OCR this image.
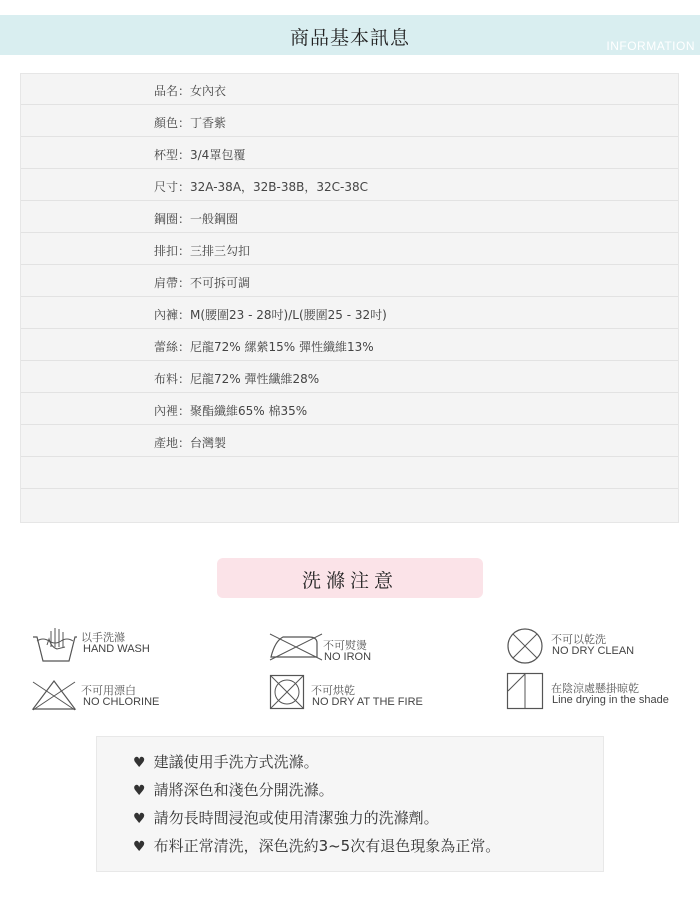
商品基本訊息	INFORMATION
品名：女內衣
顏色：丁香紫
杯型：3/4罩包覆
尺寸：32A-38A，32B-38B，32C-38C
鋼圈：一般鋼圈
排扣：三排三勾扣
肩帶：不可拆可調
內褲：M(腰圍23 - 28吋)/L(腰圍25 - 32吋)
蕾絲：尼龍72% 縲縈15% 彈性纖維13%
布料：尼龍72% 彈性纖維28%
內裡：聚酯纖維65% 棉35%
產地：台灣製
洗滌注意
以手洗滌
HAND WASH	不可熨燙
NO IRON
不可以乾洗
NO DRY CLEAN
不可用漂白
NO CHLORINE
不可烘乾
NO DRY AT THE FIRE
在陰涼處懸掛晾乾
Line drying in the shade
♥ 建議使用手洗方式洗滌。
♥ 請將深色和淺色分開洗滌。
♥ 請勿長時間浸泡或使用清潔強力的洗滌劑。
♥ 布料正常清洗，深色洗約3~5次有退色現象為正常。
